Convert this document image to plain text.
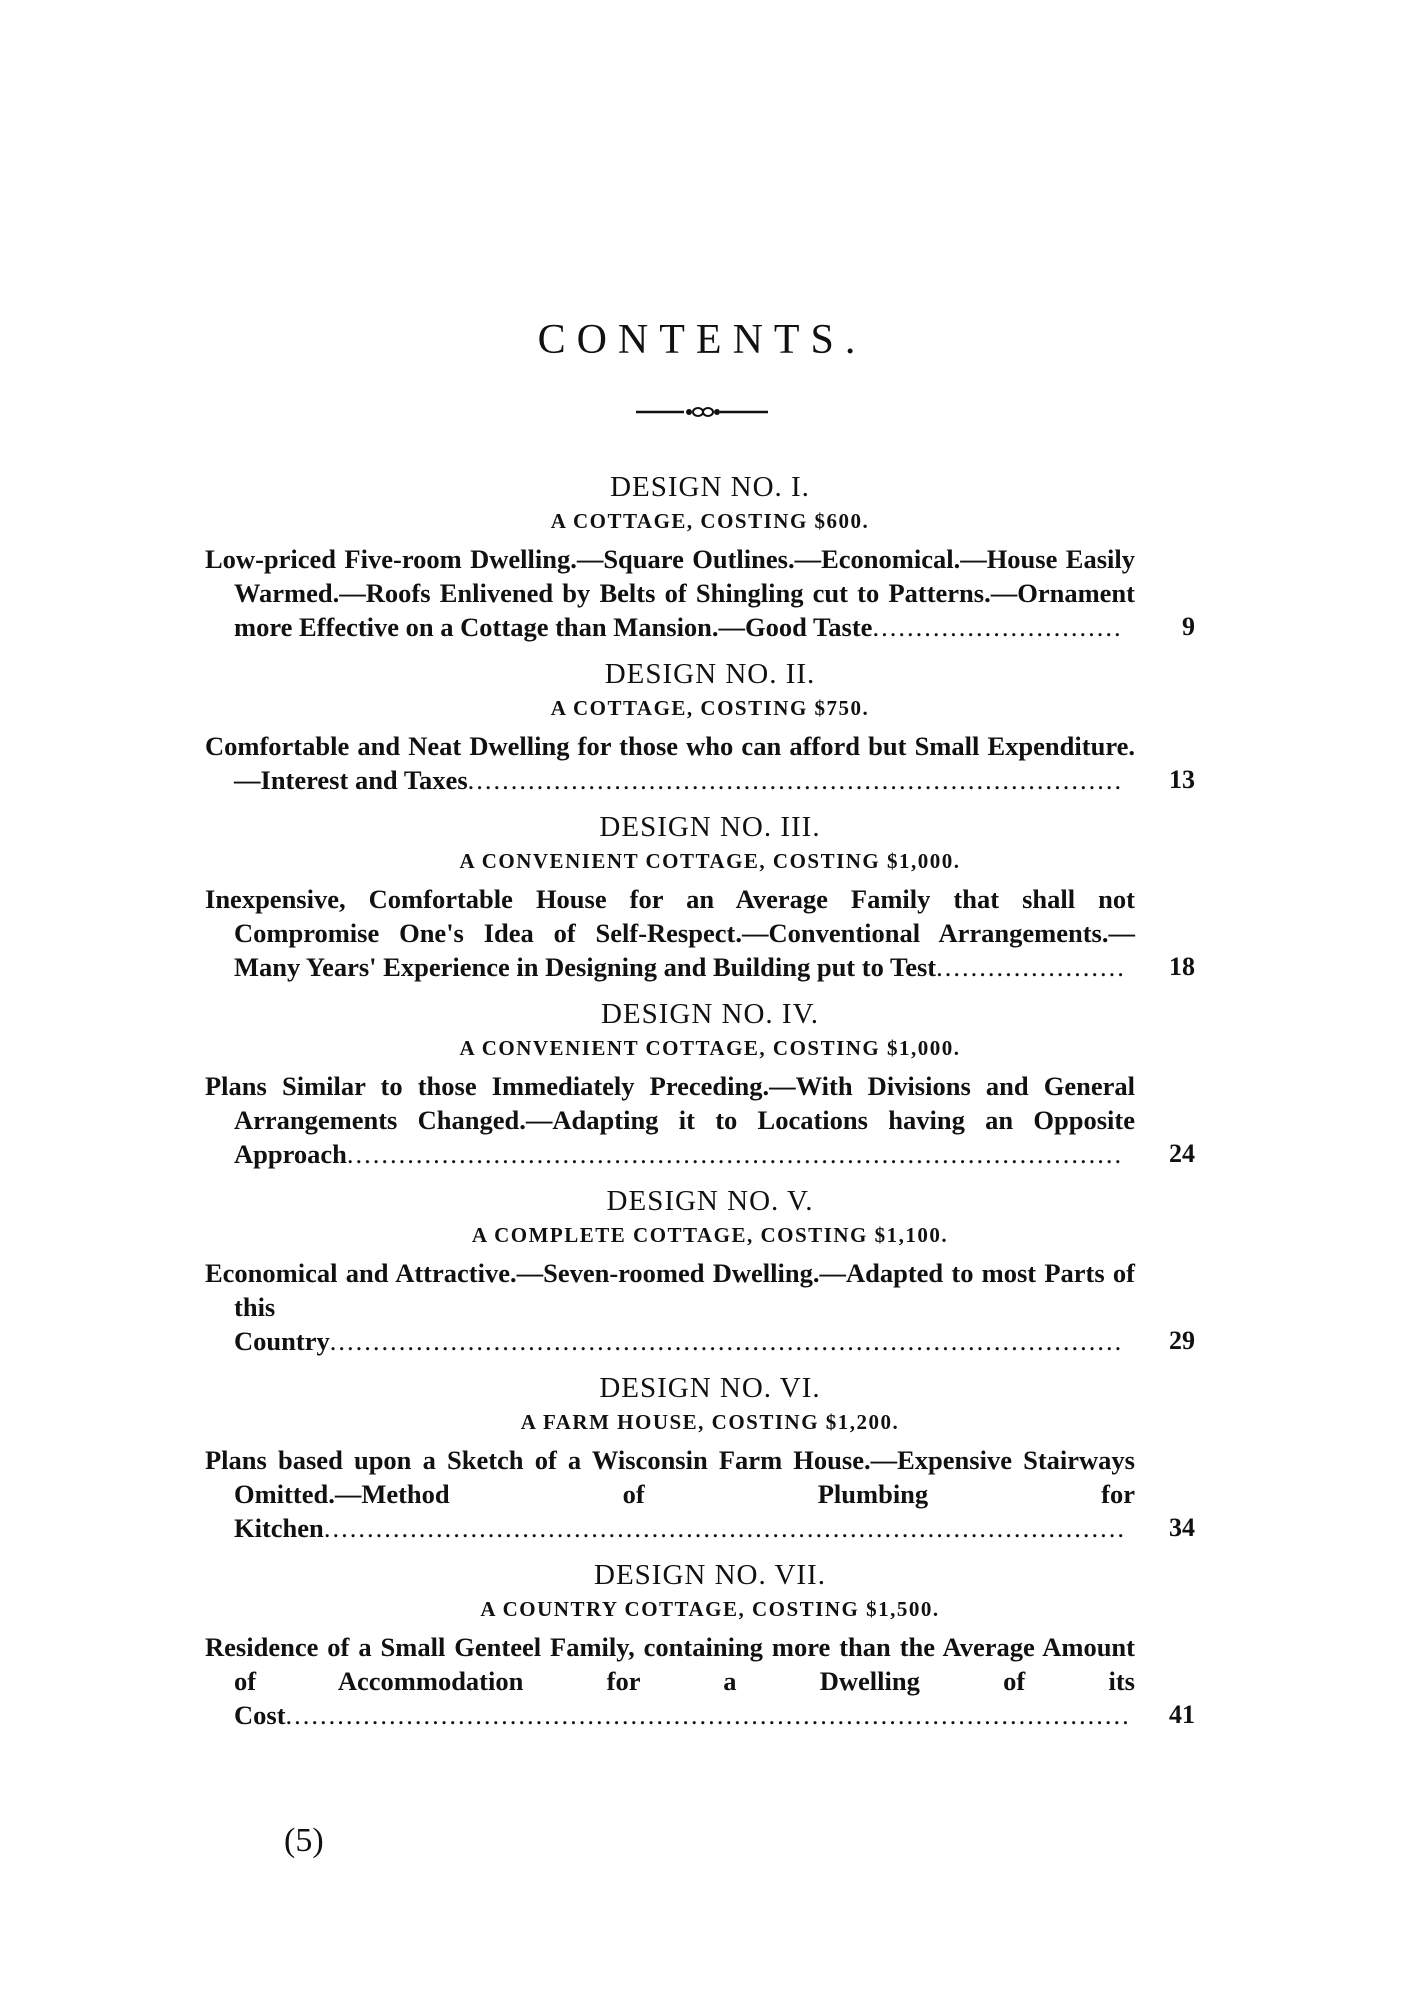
CONTENTS.
DESIGN NO. I.
A COTTAGE, COSTING $600.
Low-priced Five-room Dwelling.—Square Outlines.—Economical.—House Easily Warmed.—Roofs Enlivened by Belts of Shingling cut to Patterns.—Ornament more Effective on a Cottage than Mansion.—Good Taste.............................	9
DESIGN NO. II.
A COTTAGE, COSTING $750.
Comfortable and Neat Dwelling for those who can afford but Small Expenditure.—Interest and Taxes............................................................................	13
DESIGN NO. III.
A CONVENIENT COTTAGE, COSTING $1,000.
Inexpensive, Comfortable House for an Average Family that shall not Compromise One's Idea of Self-Respect.—Conventional Arrangements.—Many Years' Experience in Designing and Building put to Test......................	18
DESIGN NO. IV.
A CONVENIENT COTTAGE, COSTING $1,000.
Plans Similar to those Immediately Preceding.—With Divisions and General Arrangements Changed.—Adapting it to Locations having an Opposite Approach..........................................................................................	24
DESIGN NO. V.
A COMPLETE COTTAGE, COSTING $1,100.
Economical and Attractive.—Seven-roomed Dwelling.—Adapted to most Parts of this Country............................................................................................	29
DESIGN NO. VI.
A FARM HOUSE, COSTING $1,200.
Plans based upon a Sketch of a Wisconsin Farm House.—Expensive Stairways Omitted.—Method of Plumbing for Kitchen.............................................................................................	34
DESIGN NO. VII.
A COUNTRY COTTAGE, COSTING $1,500.
Residence of a Small Genteel Family, containing more than the Average Amount of Accommodation for a Dwelling of its Cost.................................................................................................. 41
(5)
